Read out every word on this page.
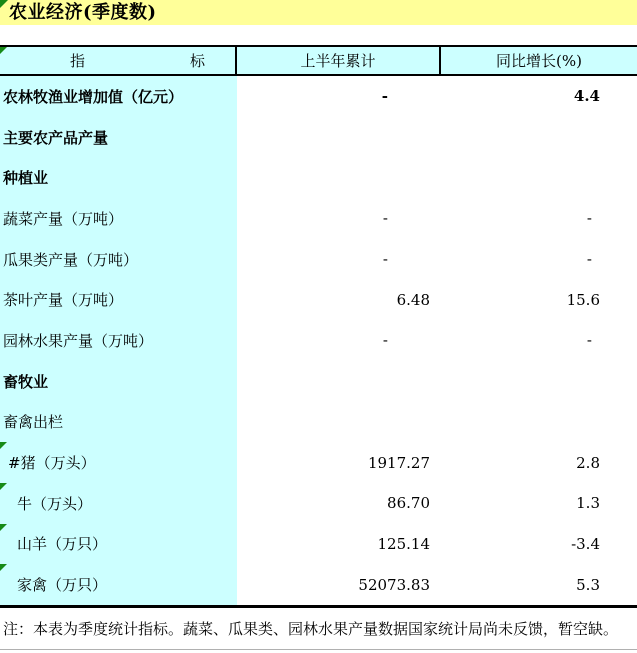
农业经济(季度数)
指　　　　　　　标	上半年累计	同比增长(%)
农林牧渔业增加值（亿元）	-	4.4
主要农产品产量
种植业
蔬菜产量（万吨）	-	-
瓜果类产量（万吨）	-	-
茶叶产量（万吨）	6.48	15.6
园林水果产量（万吨）	-	-
畜牧业
畜禽出栏
#猪（万头）	1917.27	2.8
牛（万头）	86.70	1.3
山羊（万只）	125.14	-3.4
家禽（万只）	52073.83	5.3
注：本表为季度统计指标。蔬菜、瓜果类、园林水果产量数据国家统计局尚未反馈，暂空缺。
